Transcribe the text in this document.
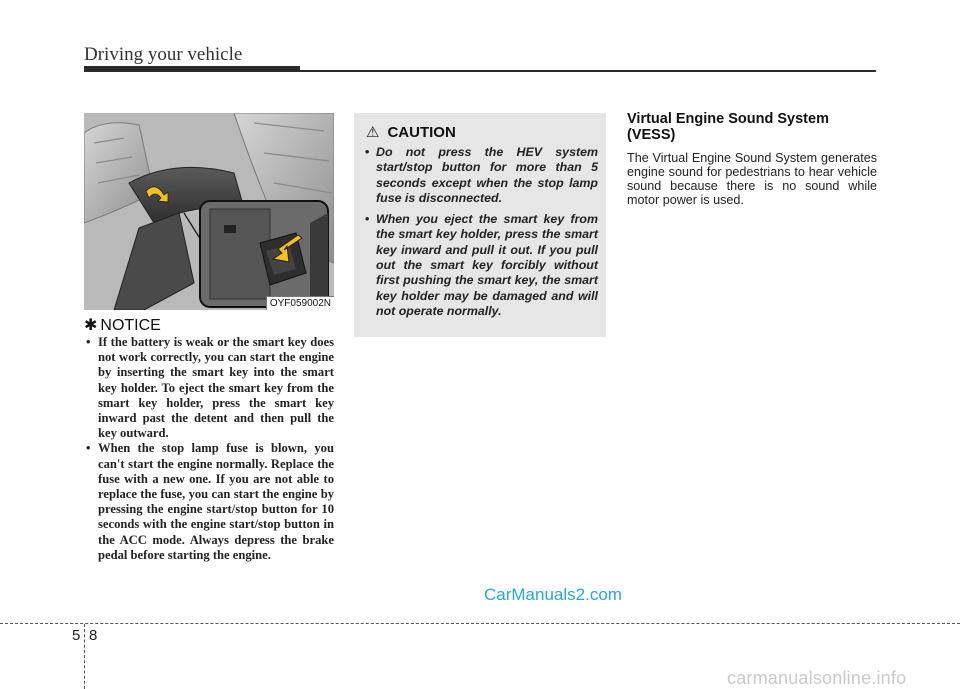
Driving your vehicle
OYF059002N
✱ NOTICE
• If the battery is weak or the smart key does not work correctly, you can start the engine by inserting the smart key into the smart key holder. To eject the smart key from the smart key holder, press the smart key inward past the detent and then pull the key outward.
• When the stop lamp fuse is blown, you can't start the engine normally. Replace the fuse with a new one. If you are not able to replace the fuse, you can start the engine by pressing the engine start/stop button for 10 seconds with the engine start/stop button in the ACC mode. Always depress the brake pedal before starting the engine.
⚠ CAUTION
• Do not press the HEV system start/stop button for more than 5 seconds except when the stop lamp fuse is disconnected.
• When you eject the smart key from the smart key holder, press the smart key inward and pull it out. If you pull out the smart key forcibly without first pushing the smart key, the smart key holder may be damaged and will not operate normally.
Virtual Engine Sound System (VESS)
The Virtual Engine Sound System generates engine sound for pedestrians to hear vehicle sound because there is no sound while motor power is used.
CarManuals2.com
5 8
carmanualsonline.info
